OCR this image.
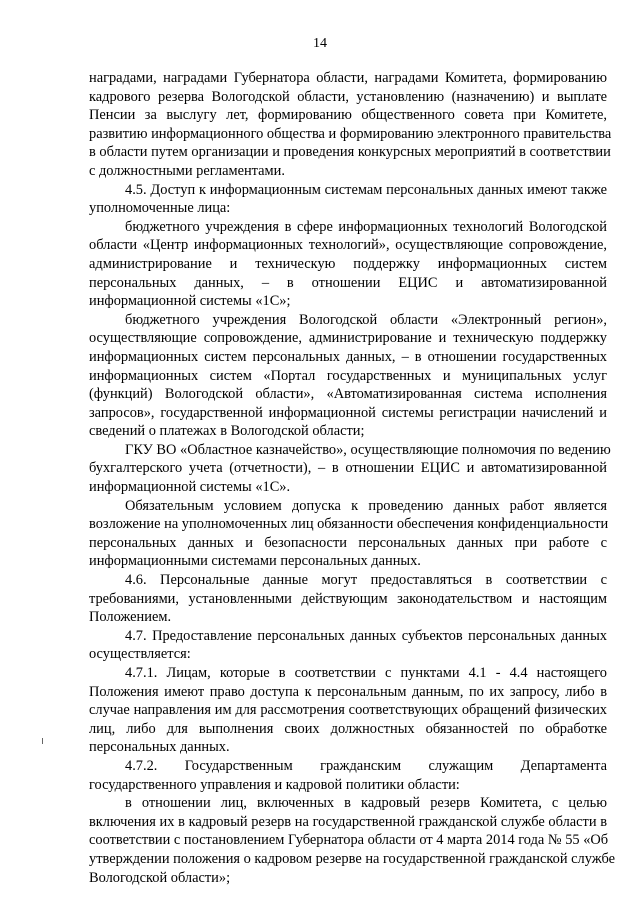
14
наградами, наградами Губернатора области, наградами Комитета, формированию
кадрового резерва Вологодской области, установлению (назначению) и выплате
Пенсии за выслугу лет, формированию общественного совета при Комитете,
развитию информационного общества и формированию электронного правительства
в области путем организации и проведения конкурсных мероприятий в соответствии
с должностными регламентами.
4.5. Доступ к информационным системам персональных данных имеют также
уполномоченные лица:
бюджетного учреждения в сфере информационных технологий Вологодской
области «Центр информационных технологий», осуществляющие сопровождение,
администрирование и техническую поддержку информационных систем
персональных данных, – в отношении ЕЦИС и автоматизированной
информационной системы «1С»;
бюджетного учреждения Вологодской области «Электронный регион»,
осуществляющие сопровождение, администрирование и техническую поддержку
информационных систем персональных данных, – в отношении государственных
информационных систем «Портал государственных и муниципальных услуг
(функций) Вологодской области», «Автоматизированная система исполнения
запросов», государственной информационной системы регистрации начислений и
сведений о платежах в Вологодской области;
ГКУ ВО «Областное казначейство», осуществляющие полномочия по ведению
бухгалтерского учета (отчетности), – в отношении ЕЦИС и автоматизированной
информационной системы «1С».
Обязательным условием допуска к проведению данных работ является
возложение на уполномоченных лиц обязанности обеспечения конфиденциальности
персональных данных и безопасности персональных данных при работе с
информационными системами персональных данных.
4.6. Персональные данные могут предоставляться в соответствии с
требованиями, установленными действующим законодательством и настоящим
Положением.
4.7. Предоставление персональных данных субъектов персональных данных
осуществляется:
4.7.1. Лицам, которые в соответствии с пунктами 4.1 - 4.4 настоящего
Положения имеют право доступа к персональным данным, по их запросу, либо в
случае направления им для рассмотрения соответствующих обращений физических
лиц, либо для выполнения своих должностных обязанностей по обработке
персональных данных.
4.7.2. Государственным гражданским служащим Департамента
государственного управления и кадровой политики области:
в отношении лиц, включенных в кадровый резерв Комитета, с целью
включения их в кадровый резерв на государственной гражданской службе области в
соответствии с постановлением Губернатора области от 4 марта 2014 года № 55 «Об
утверждении положения о кадровом резерве на государственной гражданской службе
Вологодской области»;
